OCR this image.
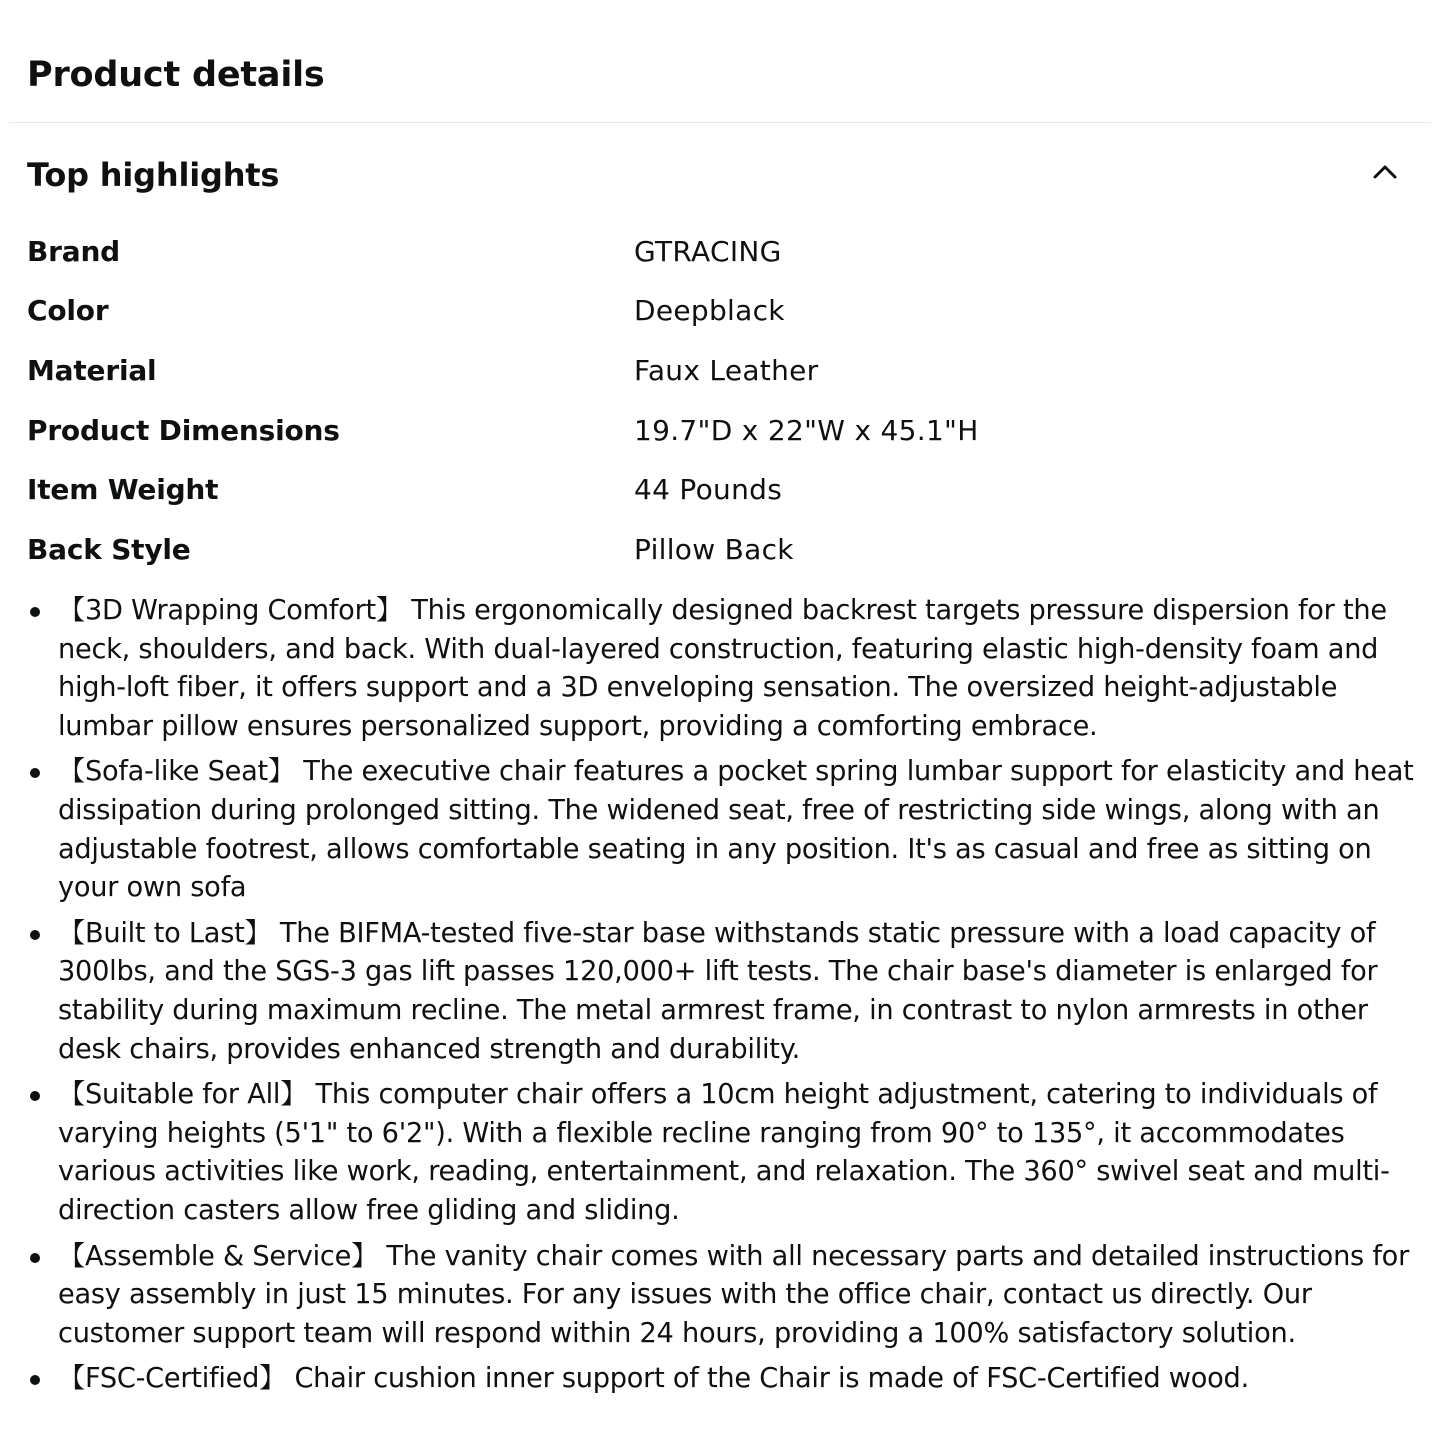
Product details
Top highlights
Brand	GTRACING
Color	Deepblack
Material	Faux Leather
Product Dimensions	19.7"D x 22"W x 45.1"H
Item Weight	44 Pounds
Back Style	Pillow Back
【3D Wrapping Comfort】 This ergonomically designed backrest targets pressure dispersion for the neck, shoulders, and back. With dual-layered construction, featuring elastic high-density foam and high-loft fiber, it offers support and a 3D enveloping sensation. The oversized height-adjustable lumbar pillow ensures personalized support, providing a comforting embrace.
【Sofa-like Seat】 The executive chair features a pocket spring lumbar support for elasticity and heat dissipation during prolonged sitting. The widened seat, free of restricting side wings, along with an adjustable footrest, allows comfortable seating in any position. It's as casual and free as sitting on your own sofa
【Built to Last】 The BIFMA-tested five-star base withstands static pressure with a load capacity of 300lbs, and the SGS-3 gas lift passes 120,000+ lift tests. The chair base's diameter is enlarged for stability during maximum recline. The metal armrest frame, in contrast to nylon armrests in other desk chairs, provides enhanced strength and durability.
【Suitable for All】 This computer chair offers a 10cm height adjustment, catering to individuals of varying heights (5'1" to 6'2"). With a flexible recline ranging from 90° to 135°, it accommodates various activities like work, reading, entertainment, and relaxation. The 360° swivel seat and multi-direction casters allow free gliding and sliding.
【Assemble & Service】 The vanity chair comes with all necessary parts and detailed instructions for easy assembly in just 15 minutes. For any issues with the office chair, contact us directly. Our customer support team will respond within 24 hours, providing a 100% satisfactory solution.
【FSC-Certified】 Chair cushion inner support of the Chair is made of FSC-Certified wood.
